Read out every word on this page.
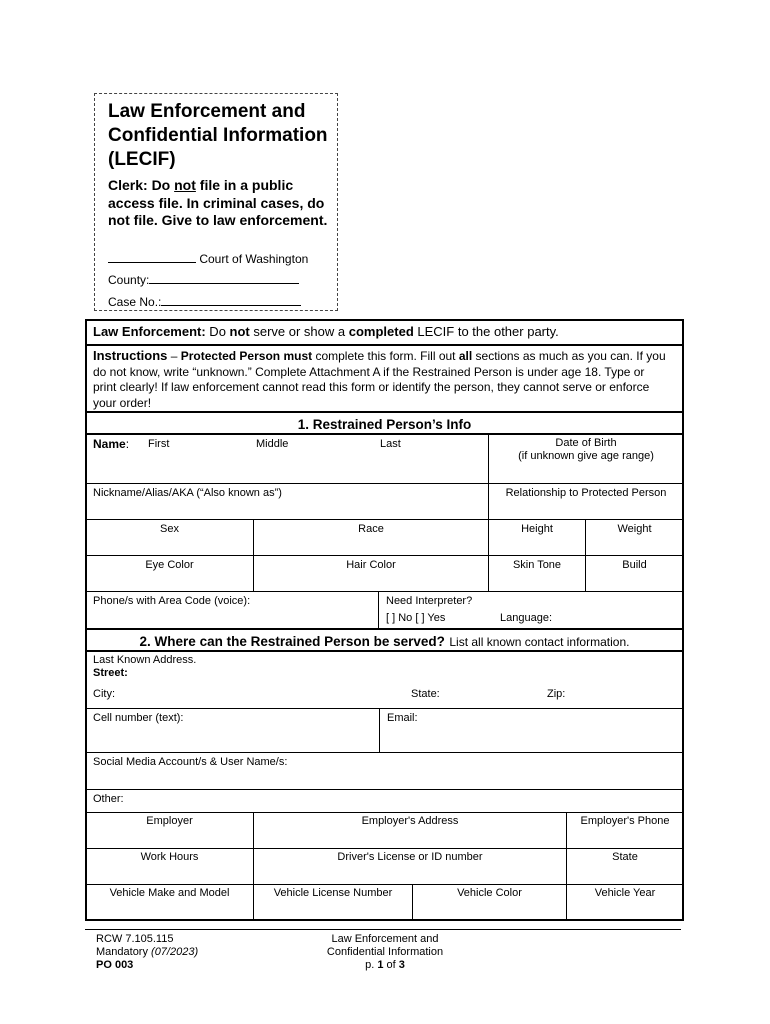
Law Enforcement and Confidential Information (LECIF)
Clerk: Do not file in a public access file. In criminal cases, do not file. Give to law enforcement.
Court of Washington
County:
Case No.:
Law Enforcement: Do not serve or show a completed LECIF to the other party.
Instructions – Protected Person must complete this form. Fill out all sections as much as you can. If you do not know, write “unknown.” Complete Attachment A if the Restrained Person is under age 18. Type or print clearly! If law enforcement cannot read this form or identify the person, they cannot serve or enforce your order!
1. Restrained Person’s Info
Name: First	Middle	Last	Date of Birth
(if unknown give age range)
Nickname/Alias/AKA (“Also known as”)	Relationship to Protected Person
Sex	Race	Height	Weight
Eye Color	Hair Color	Skin Tone	Build
Phone/s with Area Code (voice):	Need Interpreter?
[ ] No [ ] Yes	Language:
2. Where can the Restrained Person be served? List all known contact information.
Last Known Address.
Street:
City:	State:	Zip:
Cell number (text):	Email:
Social Media Account/s & User Name/s:
Other:
Employer	Employer's Address	Employer's Phone
Work Hours	Driver's License or ID number	State
Vehicle Make and Model	Vehicle License Number	Vehicle Color	Vehicle Year
RCW 7.105.115
Mandatory (07/2023)
PO 003
Law Enforcement and
Confidential Information
p. 1 of 3
